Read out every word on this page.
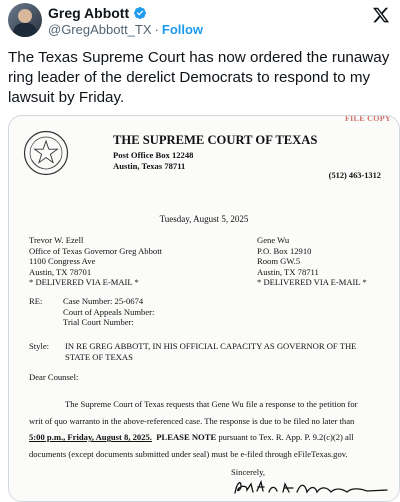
Greg Abbott
@GregAbbott_TX · Follow

The Texas Supreme Court has now ordered the runaway ring leader of the derelict Democrats to respond to my lawsuit by Friday.

FILE COPY
THE SUPREME COURT OF TEXAS
Post Office Box 12248
Austin, Texas 78711
(512) 463-1312
Tuesday, August 5, 2025
Trevor W. Ezell
Office of Texas Governor Greg Abbott
1100 Congress Ave
Austin, TX 78701
* DELIVERED VIA E-MAIL *
Gene Wu
P.O. Box 12910
Room GW.5
Austin, TX 78711
* DELIVERED VIA E-MAIL *
RE: Case Number: 25-0674
Court of Appeals Number:
Trial Court Number:
Style: IN RE GREG ABBOTT, IN HIS OFFICIAL CAPACITY AS GOVERNOR OF THE STATE OF TEXAS
Dear Counsel:
The Supreme Court of Texas requests that Gene Wu file a response to the petition for
writ of quo warranto in the above-referenced case. The response is due to be filed no later than
5:00 p.m., Friday, August 8, 2025. PLEASE NOTE pursuant to Tex. R. App. P. 9.2(c)(2) all
documents (except documents submitted under seal) must be e-filed through eFileTexas.gov.
Sincerely,
